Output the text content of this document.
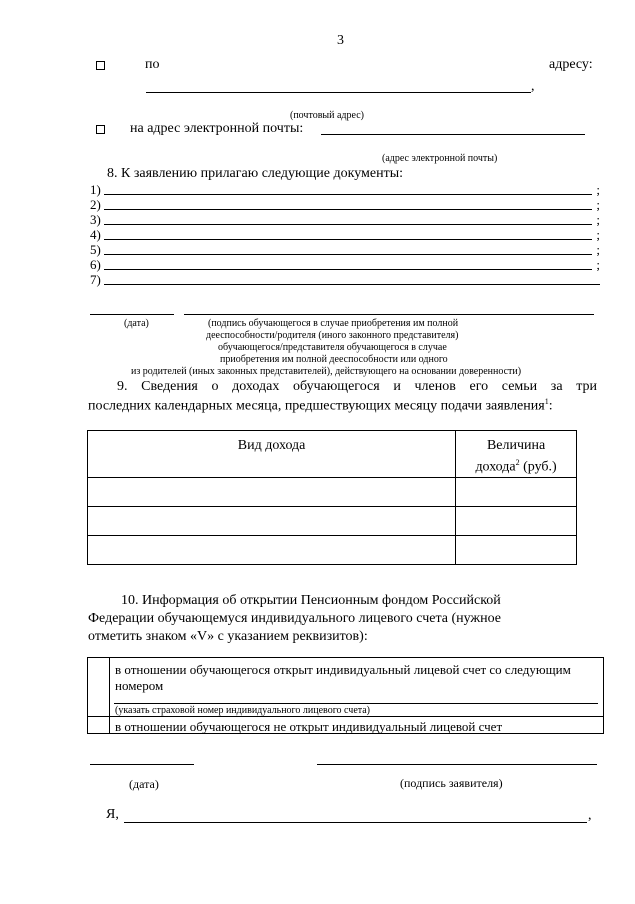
3
по	адресу:
,
(почтовый адрес)
на адрес электронной почты:
(адрес электронной почты)
8. К заявлению прилагаю следующие документы:
1)	;
2)	;
3)	;
4)	;
5)	;
6)	;
7)
(дата)	(подпись обучающегося в случае приобретения им полной
дееспособности/родителя (иного законного представителя)
обучающегося/представителя обучающегося в случае
приобретения им полной дееспособности или одного
из родителей (иных законных представителей), действующего на основании доверенности)
9. Сведения о доходах обучающегося и членов его семьи за три
последних календарных месяца, предшествующих месяцу подачи заявления$^1$:
Вид дохода	Величина
дохода$^2$ (руб.)

10. Информация об открытии Пенсионным фондом Российской
Федерации обучающемуся индивидуального лицевого счета (нужное
отметить знаком «V» с указанием реквизитов):
в отношении обучающегося открыт индивидуальный лицевой счет со следующим
номером
(указать страховой номер индивидуального лицевого счета)
в отношении обучающегося не открыт индивидуальный лицевой счет
(дата)	(подпись заявителя)
Я,	,
